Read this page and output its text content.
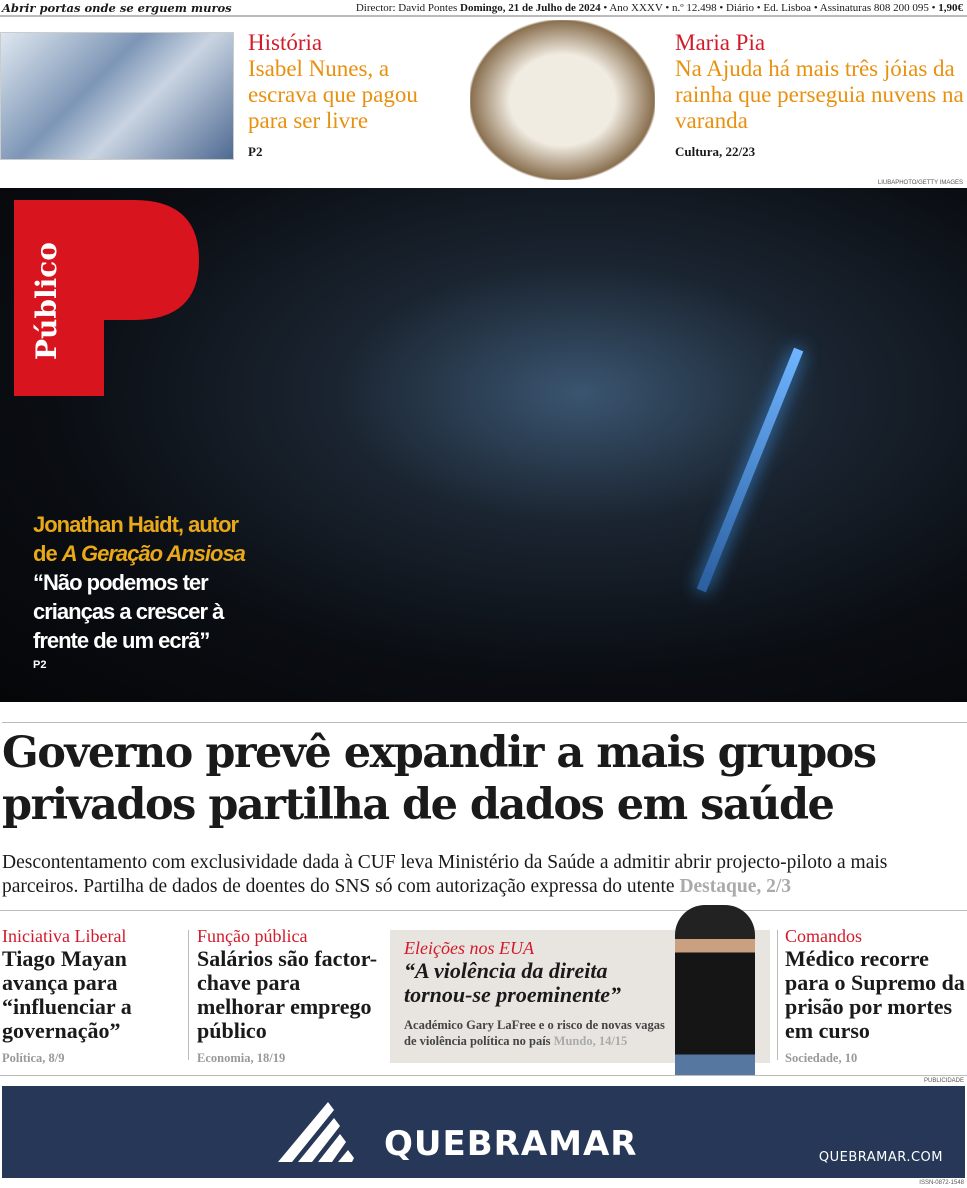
Abrir portas onde se erguem muros	Director: David Pontes Domingo, 21 de Julho de 2024 • Ano XXXV • n.º 12.498 • Diário • Ed. Lisboa • Assinaturas 808 200 095 • 1,90€
História
Isabel Nunes, a escrava que pagou para ser livre
P2
Maria Pia
Na Ajuda há mais três jóias da rainha que perseguia nuvens na varanda
Cultura, 22/23
LIUBAPHOTO/GETTY IMAGES
Público
Jonathan Haidt, autor
de A Geração Ansiosa
“Não podemos ter crianças a crescer à frente de um ecrã”
P2
Governo prevê expandir a mais grupos privados partilha de dados em saúde
Descontentamento com exclusividade dada à CUF leva Ministério da Saúde a admitir abrir projecto-piloto a mais parceiros. Partilha de dados de doentes do SNS só com autorização expressa do utente Destaque, 2/3
Iniciativa Liberal
Tiago Mayan avança para “influenciar a governação”
Política, 8/9
Função pública
Salários são factor-chave para melhorar emprego público
Economia, 18/19
Eleições nos EUA
“A violência da direita tornou-se proeminente”
Académico Gary LaFree e o risco de novas vagas de violência política no país Mundo, 14/15
Comandos
Médico recorre para o Supremo da prisão por mortes em curso
Sociedade, 10
PUBLICIDADE
QUEBRAMAR	QUEBRAMAR.COM
ISSN-0872-1548
